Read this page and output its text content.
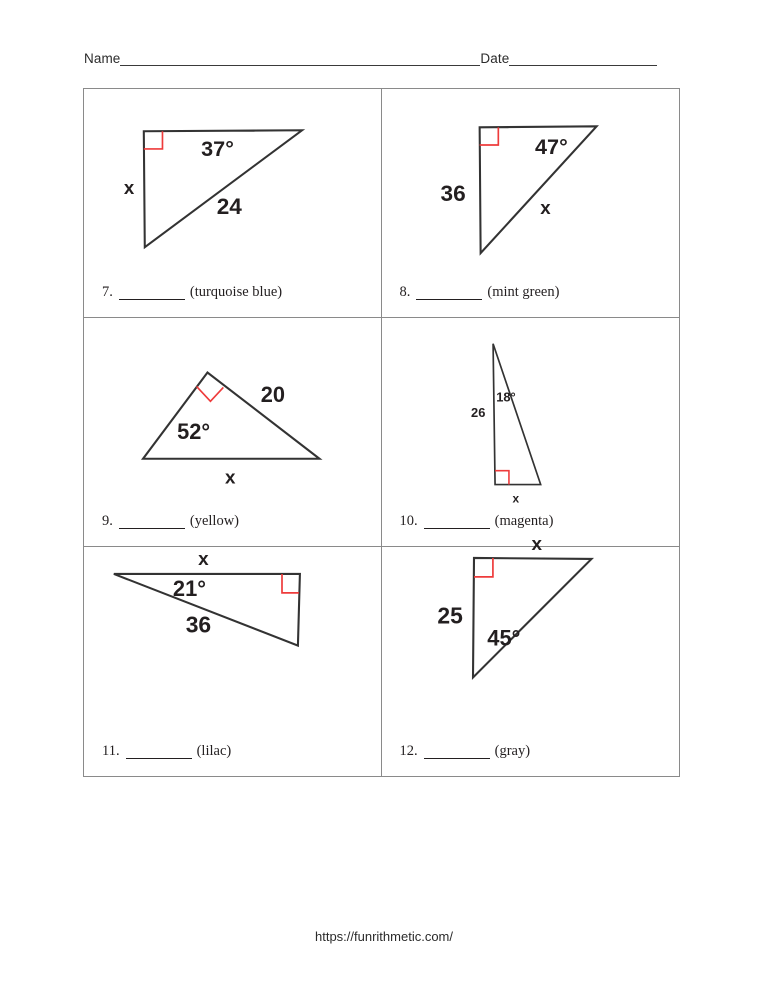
Name	Date
37°
x
24
7.	(turquoise blue)
47°
36
x
8.	(mint green)
20
52°
x
9.	(yellow)
18°
26
x
10.	(magenta)
x
21°
36
11.	(lilac)
x
25
45°
12.	(gray)
https://funrithmetic.com/
